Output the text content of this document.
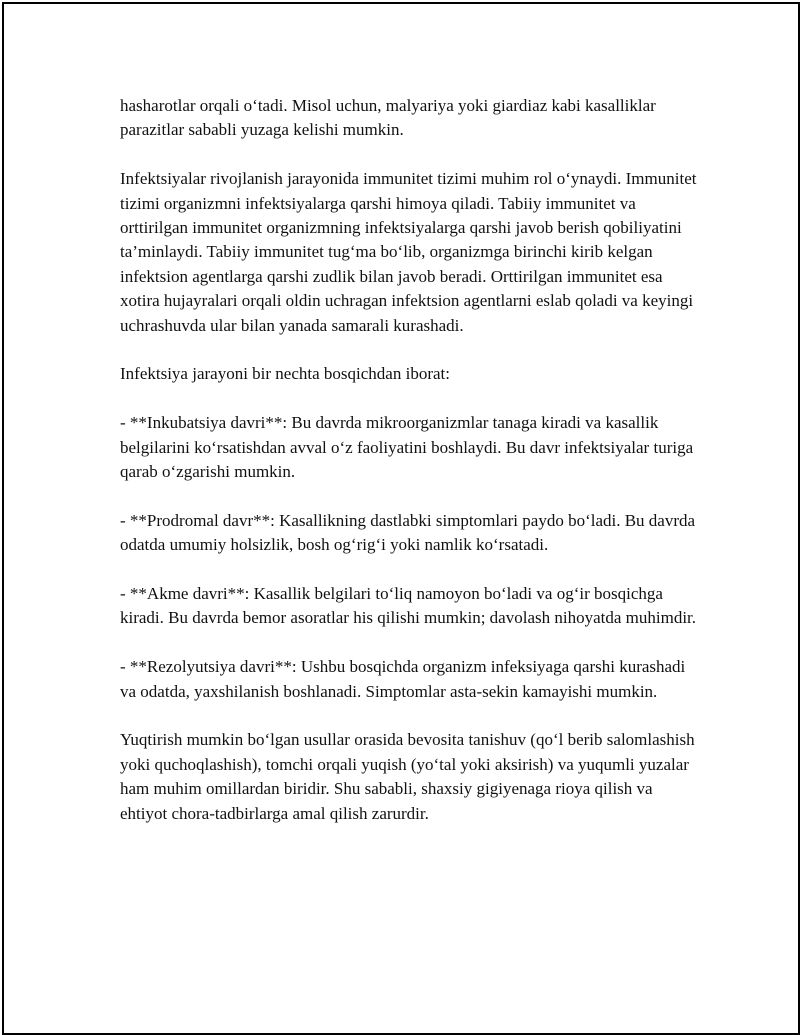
hasharotlar orqali o‘tadi. Misol uchun, malyariya yoki giardiaz kabi kasalliklar parazitlar sababli yuzaga kelishi mumkin.

Infektsiyalar rivojlanish jarayonida immunitet tizimi muhim rol o‘ynaydi. Immunitet tizimi organizmni infektsiyalarga qarshi himoya qiladi. Tabiiy immunitet va orttirilgan immunitet organizmning infektsiyalarga qarshi javob berish qobiliyatini ta’minlaydi. Tabiiy immunitet tug‘ma bo‘lib, organizmga birinchi kirib kelgan infektsion agentlarga qarshi zudlik bilan javob beradi. Orttirilgan immunitet esa xotira hujayralari orqali oldin uchragan infektsion agentlarni eslab qoladi va keyingi uchrashuvda ular bilan yanada samarali kurashadi.

Infektsiya jarayoni bir nechta bosqichdan iborat:

- **Inkubatsiya davri**: Bu davrda mikroorganizmlar tanaga kiradi va kasallik belgilarini ko‘rsatishdan avval o‘z faoliyatini boshlaydi. Bu davr infektsiyalar turiga qarab o‘zgarishi mumkin.

- **Prodromal davr**: Kasallikning dastlabki simptomlari paydo bo‘ladi. Bu davrda odatda umumiy holsizlik, bosh og‘rig‘i yoki namlik ko‘rsatadi.

- **Akme davri**: Kasallik belgilari to‘liq namoyon bo‘ladi va og‘ir bosqichga kiradi. Bu davrda bemor asoratlar his qilishi mumkin; davolash nihoyatda muhimdir.

- **Rezolyutsiya davri**: Ushbu bosqichda organizm infeksiyaga qarshi kurashadi va odatda, yaxshilanish boshlanadi. Simptomlar asta-sekin kamayishi mumkin.

Yuqtirish mumkin bo‘lgan usullar orasida bevosita tanishuv (qo‘l berib salomlashish yoki quchoqlashish), tomchi orqali yuqish (yo‘tal yoki aksirish) va yuqumli yuzalar ham muhim omillardan biridir. Shu sababli, shaxsiy gigiyenaga rioya qilish va ehtiyot chora-tadbirlarga amal qilish zarurdir.
